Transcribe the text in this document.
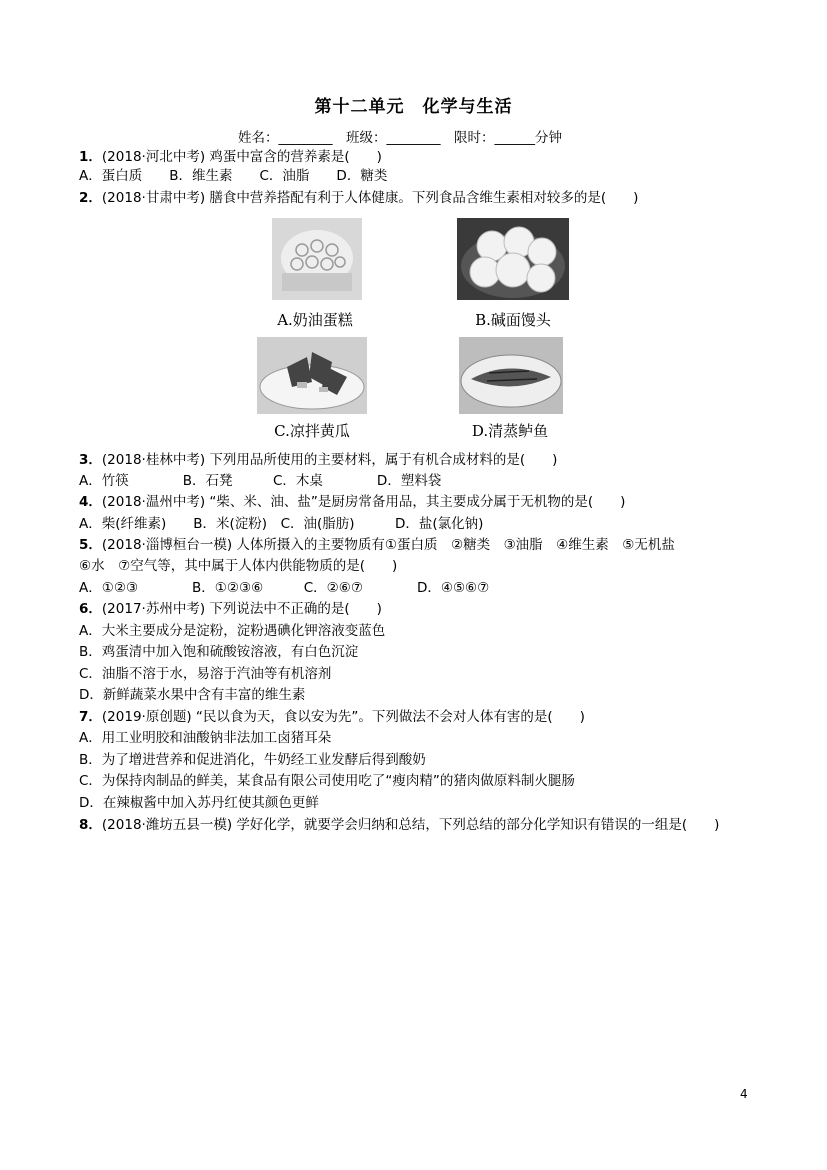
第十二单元　化学与生活
姓名：________　班级：________　限时：______分钟
1．(2018·河北中考) 鸡蛋中富含的营养素是(　　)
A．蛋白质　　B．维生素　　C．油脂　　D．糖类
2．(2018·甘肃中考) 膳食中营养搭配有利于人体健康。下列食品含维生素相对较多的是(　　)
3．(2018·桂林中考) 下列用品所使用的主要材料，属于有机合成材料的是(　　)
A．竹筷　　　　B．石凳　　　C．木桌　　　　D．塑料袋
4．(2018·温州中考) “柴、米、油、盐”是厨房常备用品，其主要成分属于无机物的是(　　)
A．柴(纤维素)　　B．米(淀粉)　C．油(脂肪)　　　D．盐(氯化钠)
5．(2018·淄博桓台一模) 人体所摄入的主要物质有①蛋白质　②糖类　③油脂　④维生素　⑤无机盐
⑥水　⑦空气等，其中属于人体内供能物质的是(　　)
A．①②③　　　　B．①②③⑥　　　C．②⑥⑦　　　　D．④⑤⑥⑦
6．(2017·苏州中考) 下列说法中不正确的是(　　)
A．大米主要成分是淀粉，淀粉遇碘化钾溶液变蓝色
B．鸡蛋清中加入饱和硫酸铵溶液，有白色沉淀
C．油脂不溶于水，易溶于汽油等有机溶剂
D．新鲜蔬菜水果中含有丰富的维生素
7．(2019·原创题) “民以食为天，食以安为先”。下列做法不会对人体有害的是(　　)
A．用工业明胶和油酸钠非法加工卤猪耳朵
B．为了增进营养和促进消化，牛奶经工业发酵后得到酸奶
C．为保持肉制品的鲜美，某食品有限公司使用吃了“瘦肉精”的猪肉做原料制火腿肠
D．在辣椒酱中加入苏丹红使其颜色更鲜
8．(2018·潍坊五县一模) 学好化学，就要学会归纳和总结，下列总结的部分化学知识有错误的一组是(　　)
A.奶油蛋糕	B.碱面馒头
C.凉拌黄瓜	D.清蒸鲈鱼
4
